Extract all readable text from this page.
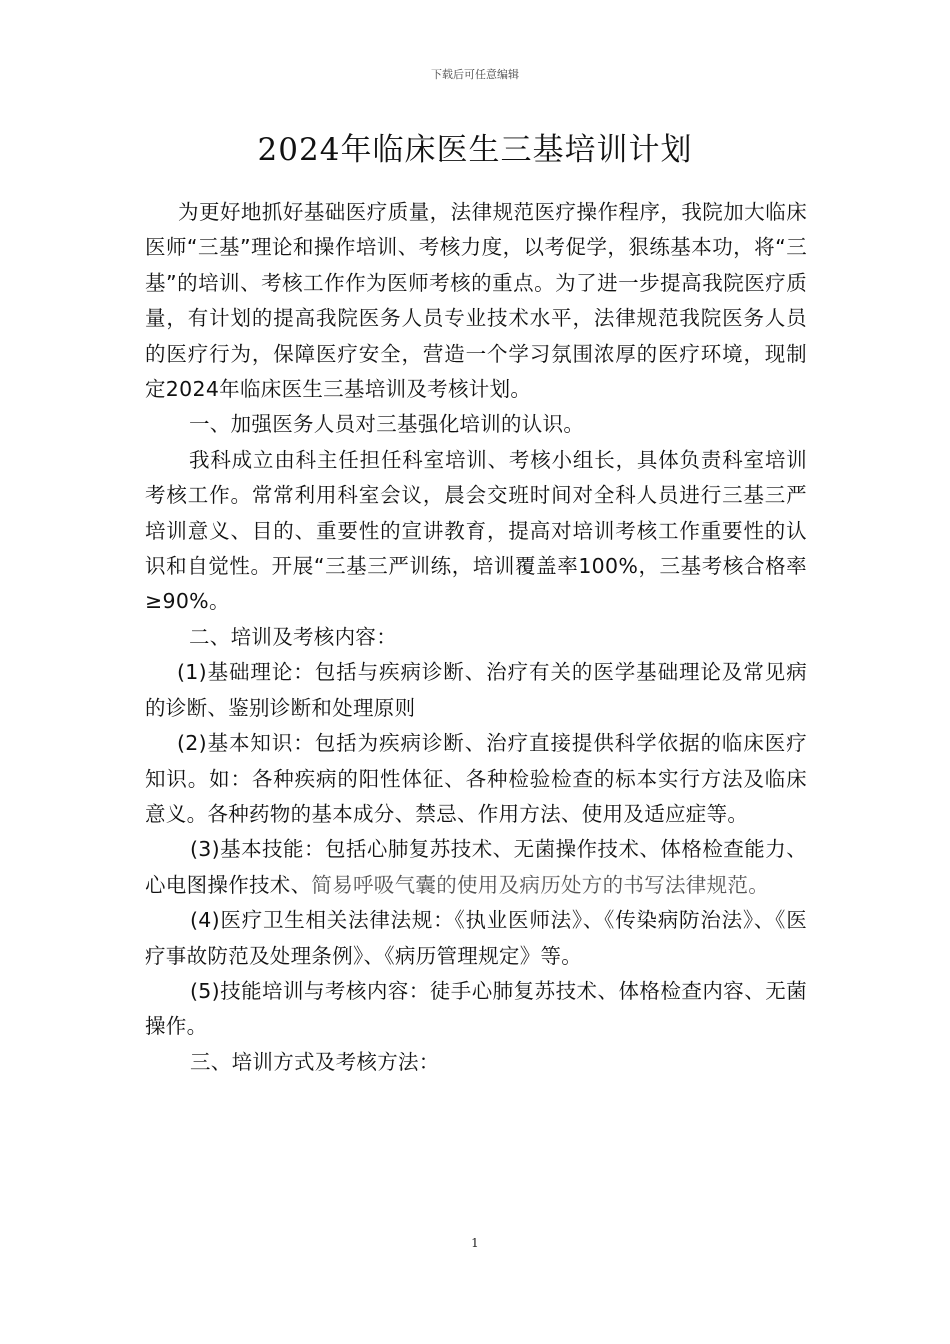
下载后可任意编辑
2024年临床医生三基培训计划

为更好地抓好基础医疗质量，法律规范医疗操作程序，我院加大临床医师“三基”理论和操作培训、考核力度，以考促学，狠练基本功，将“三基”的培训、考核工作作为医师考核的重点。为了进一步提高我院医疗质量，有计划的提高我院医务人员专业技术水平，法律规范我院医务人员的医疗行为，保障医疗安全，营造一个学习氛围浓厚的医疗环境，现制定2024年临床医生三基培训及考核计划。

一、加强医务人员对三基强化培训的认识。

我科成立由科主任担任科室培训、考核小组长，具体负责科室培训考核工作。常常利用科室会议，晨会交班时间对全科人员进行三基三严培训意义、目的、重要性的宣讲教育，提高对培训考核工作重要性的认识和自觉性。开展“三基三严训练，培训覆盖率100%，三基考核合格率≥90%。

二、培训及考核内容：

(1)基础理论：包括与疾病诊断、治疗有关的医学基础理论及常见病的诊断、鉴别诊断和处理原则

(2)基本知识：包括为疾病诊断、治疗直接提供科学依据的临床医疗知识。如：各种疾病的阳性体征、各种检验检查的标本实行方法及临床意义。各种药物的基本成分、禁忌、作用方法、使用及适应症等。

(3)基本技能：包括心肺复苏技术、无菌操作技术、体格检查能力、心电图操作技术、简易呼吸气囊的使用及病历处方的书写法律规范。

(4)医疗卫生相关法律法规：《执业医师法》、《传染病防治法》、《医疗事故防范及处理条例》、《病历管理规定》等。

(5)技能培训与考核内容：徒手心肺复苏技术、体格检查内容、无菌操作。

三、培训方式及考核方法：

1
